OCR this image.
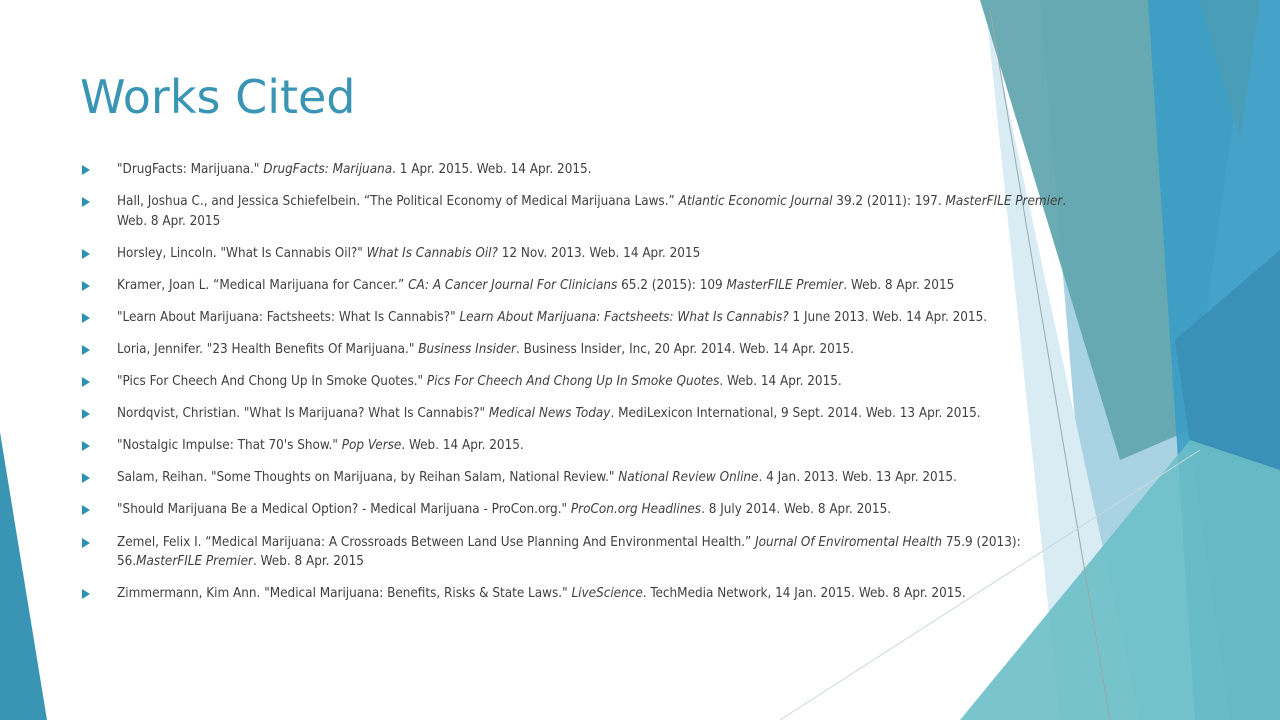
Works Cited
"DrugFacts: Marijuana." DrugFacts: Marijuana. 1 Apr. 2015. Web. 14 Apr. 2015.
Hall, Joshua C., and Jessica Schiefelbein. “The Political Economy of Medical Marijuana Laws.” Atlantic Economic Journal 39.2 (2011): 197. MasterFILE Premier. Web. 8 Apr. 2015
Horsley, Lincoln. "What Is Cannabis Oil?" What Is Cannabis Oil? 12 Nov. 2013. Web. 14 Apr. 2015
Kramer, Joan L. “Medical Marijuana for Cancer.” CA: A Cancer Journal For Clinicians 65.2 (2015): 109 MasterFILE Premier. Web. 8 Apr. 2015
"Learn About Marijuana: Factsheets: What Is Cannabis?" Learn About Marijuana: Factsheets: What Is Cannabis? 1 June 2013. Web. 14 Apr. 2015.
Loria, Jennifer. "23 Health Benefits Of Marijuana." Business Insider. Business Insider, Inc, 20 Apr. 2014. Web. 14 Apr. 2015.
"Pics For Cheech And Chong Up In Smoke Quotes." Pics For Cheech And Chong Up In Smoke Quotes. Web. 14 Apr. 2015.
Nordqvist, Christian. "What Is Marijuana? What Is Cannabis?" Medical News Today. MediLexicon International, 9 Sept. 2014. Web. 13 Apr. 2015.
"Nostalgic Impulse: That 70's Show." Pop Verse. Web. 14 Apr. 2015.
Salam, Reihan. "Some Thoughts on Marijuana, by Reihan Salam, National Review." National Review Online. 4 Jan. 2013. Web. 13 Apr. 2015.
"Should Marijuana Be a Medical Option? - Medical Marijuana - ProCon.org." ProCon.org Headlines. 8 July 2014. Web. 8 Apr. 2015.
Zemel, Felix I. “Medical Marijuana: A Crossroads Between Land Use Planning And Environmental Health.” Journal Of Enviromental Health 75.9 (2013): 56.MasterFILE Premier. Web. 8 Apr. 2015
Zimmermann, Kim Ann. "Medical Marijuana: Benefits, Risks & State Laws." LiveScience. TechMedia Network, 14 Jan. 2015. Web. 8 Apr. 2015.
